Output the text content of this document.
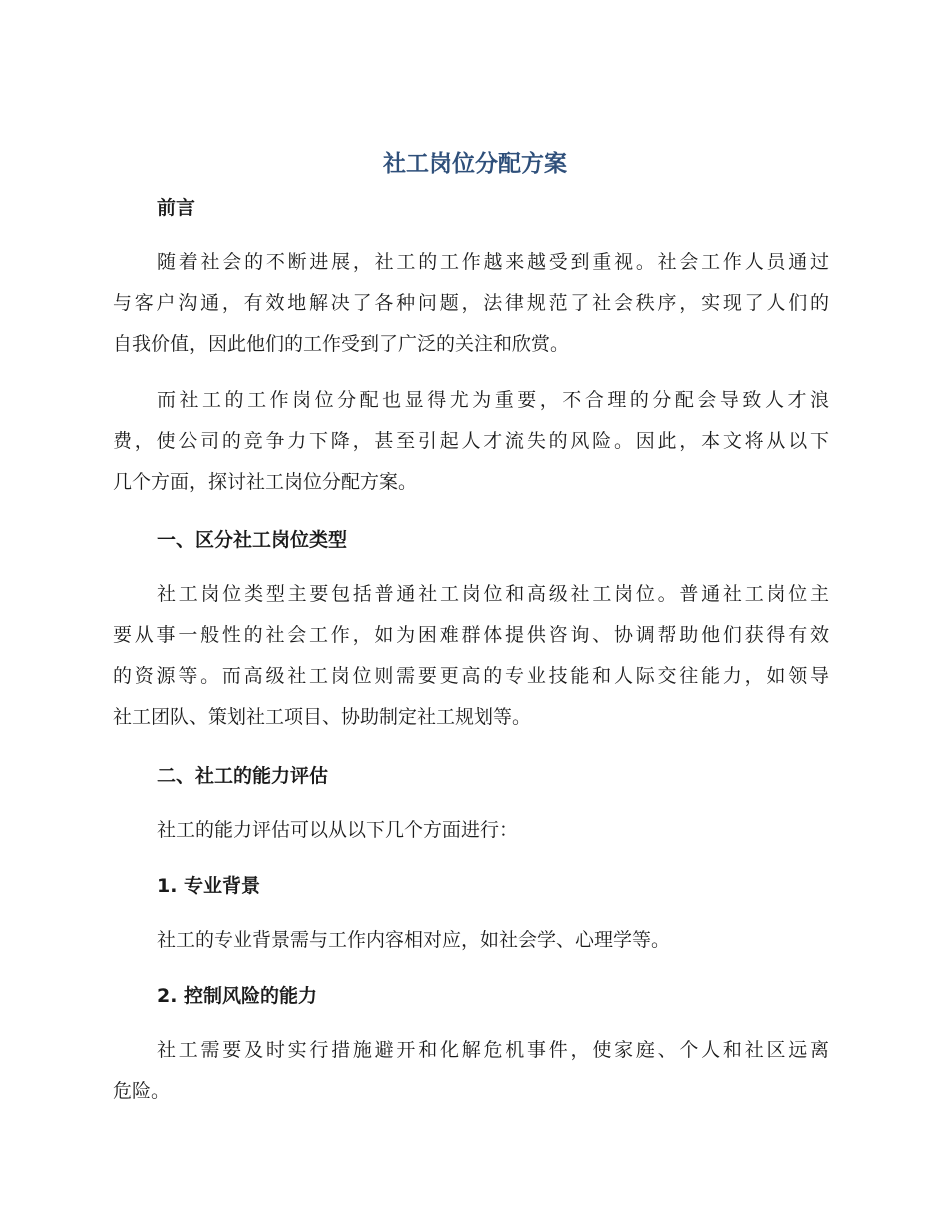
社工岗位分配方案
前言

随着社会的不断进展，社工的工作越来越受到重视。社会工作人员通过
与客户沟通，有效地解决了各种问题，法律规范了社会秩序，实现了人们的
自我价值，因此他们的工作受到了广泛的关注和欣赏。

而社工的工作岗位分配也显得尤为重要，不合理的分配会导致人才浪
费，使公司的竞争力下降，甚至引起人才流失的风险。因此，本文将从以下
几个方面，探讨社工岗位分配方案。

一、区分社工岗位类型

社工岗位类型主要包括普通社工岗位和高级社工岗位。普通社工岗位主
要从事一般性的社会工作，如为困难群体提供咨询、协调帮助他们获得有效
的资源等。而高级社工岗位则需要更高的专业技能和人际交往能力，如领导
社工团队、策划社工项目、协助制定社工规划等。

二、社工的能力评估

社工的能力评估可以从以下几个方面进行：

1. 专业背景

社工的专业背景需与工作内容相对应，如社会学、心理学等。

2. 控制风险的能力

社工需要及时实行措施避开和化解危机事件，使家庭、个人和社区远离
危险。
